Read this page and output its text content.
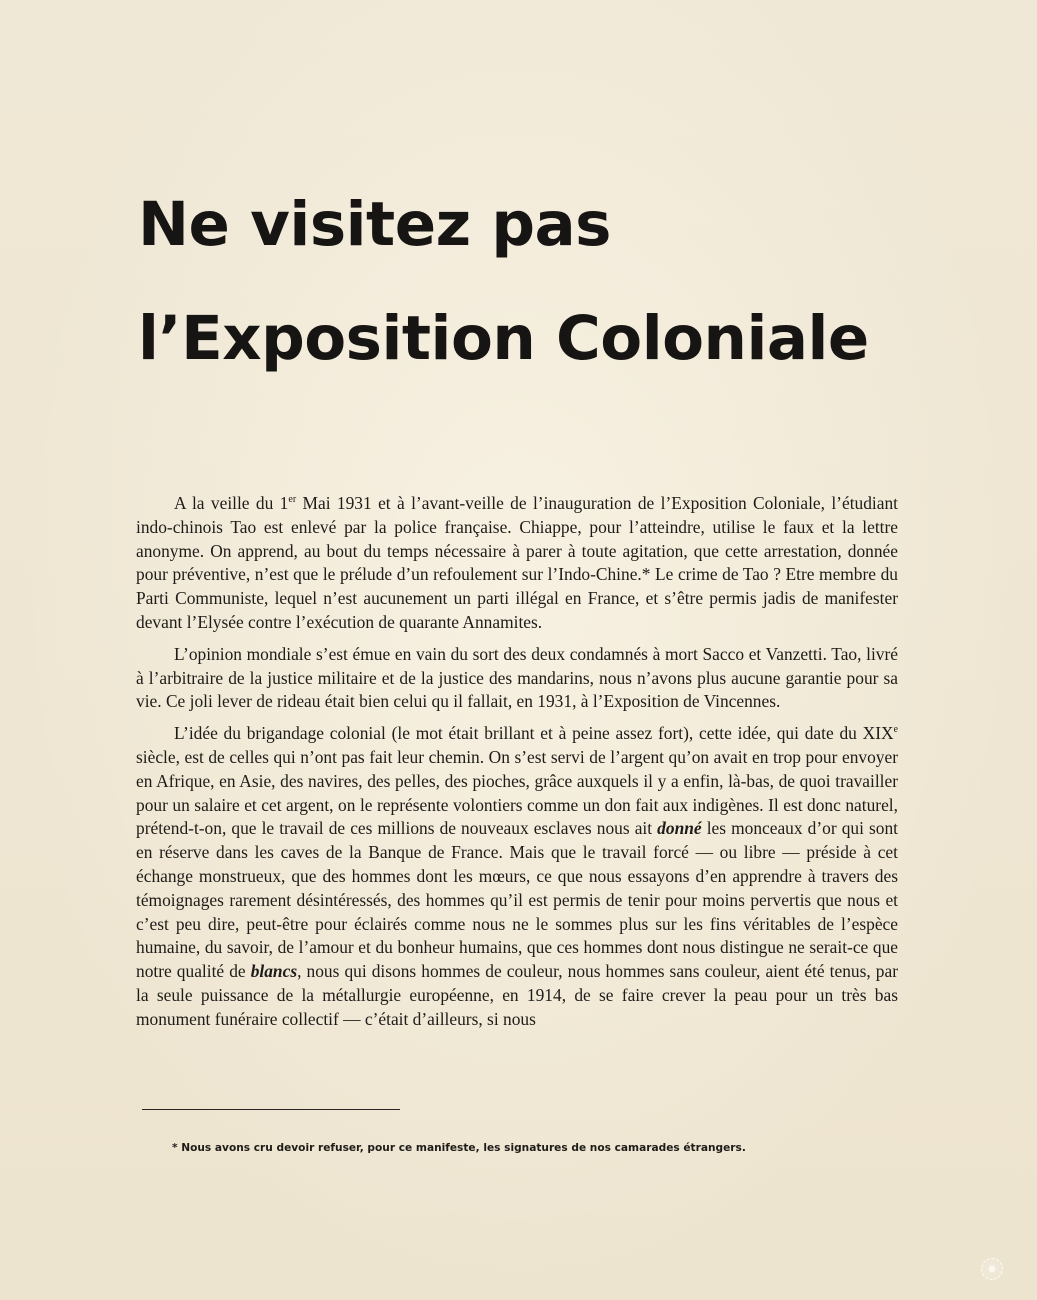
Ne visitez pas
l’Exposition Coloniale

A la veille du 1er Mai 1931 et à l’avant-veille de l’inauguration de l’Exposition Coloniale, l’étudiant indo-chinois Tao est enlevé par la police française. Chiappe, pour l’atteindre, utilise le faux et la lettre anonyme. On apprend, au bout du temps nécessaire à parer à toute agitation, que cette arrestation, donnée pour préventive, n’est que le prélude d’un refoulement sur l’Indo-Chine.* Le crime de Tao ? Etre membre du Parti Communiste, lequel n’est aucunement un parti illégal en France, et s’être permis jadis de manifester devant l’Elysée contre l’exécution de quarante Annamites.

L’opinion mondiale s’est émue en vain du sort des deux condamnés à mort Sacco et Vanzetti. Tao, livré à l’arbitraire de la justice militaire et de la justice des mandarins, nous n’avons plus aucune garantie pour sa vie. Ce joli lever de rideau était bien celui qu il fallait, en 1931, à l’Exposition de Vincennes.

L’idée du brigandage colonial (le mot était brillant et à peine assez fort), cette idée, qui date du XIXe siècle, est de celles qui n’ont pas fait leur chemin. On s’est servi de l’argent qu’on avait en trop pour envoyer en Afrique, en Asie, des navires, des pelles, des pioches, grâce auxquels il y a enfin, là-bas, de quoi travailler pour un salaire et cet argent, on le représente volontiers comme un don fait aux indigènes. Il est donc naturel, prétend-t-on, que le travail de ces millions de nouveaux esclaves nous ait donné les monceaux d’or qui sont en réserve dans les caves de la Banque de France. Mais que le travail forcé — ou libre — préside à cet échange monstrueux, que des hommes dont les mœurs, ce que nous essayons d’en apprendre à travers des témoignages rarement désintéressés, des hommes qu’il est permis de tenir pour moins pervertis que nous et c’est peu dire, peut-être pour éclairés comme nous ne le sommes plus sur les fins véritables de l’espèce humaine, du savoir, de l’amour et du bonheur humains, que ces hommes dont nous distingue ne serait-ce que notre qualité de blancs, nous qui disons hommes de couleur, nous hommes sans couleur, aient été tenus, par la seule puissance de la métallurgie européenne, en 1914, de se faire crever la peau pour un très bas monument funéraire collectif — c’était d’ailleurs, si nous

* Nous avons cru devoir refuser, pour ce manifeste, les signatures de nos camarades étrangers.
